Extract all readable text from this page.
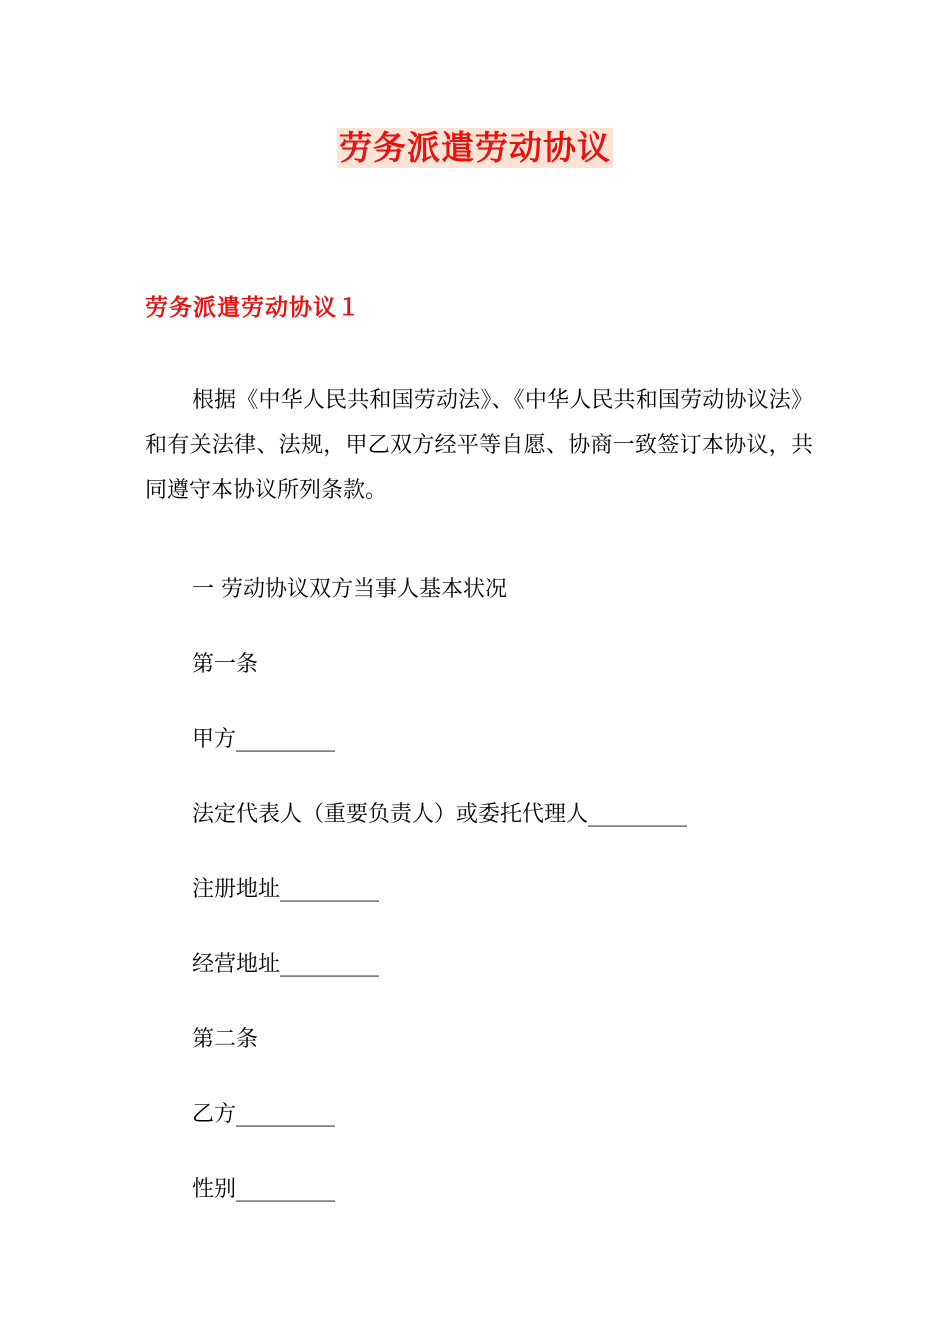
劳务派遣劳动协议
劳务派遣劳动协议１

根据《中华人民共和国劳动法》、《中华人民共和国劳动协议法》和有关法律、法规，甲乙双方经平等自愿、协商一致签订本协议，共同遵守本协议所列条款。

一 劳动协议双方当事人基本状况

第一条

甲方_________

法定代表人（重要负责人）或委托代理人_________

注册地址_________

经营地址_________

第二条

乙方_________

性别_________
